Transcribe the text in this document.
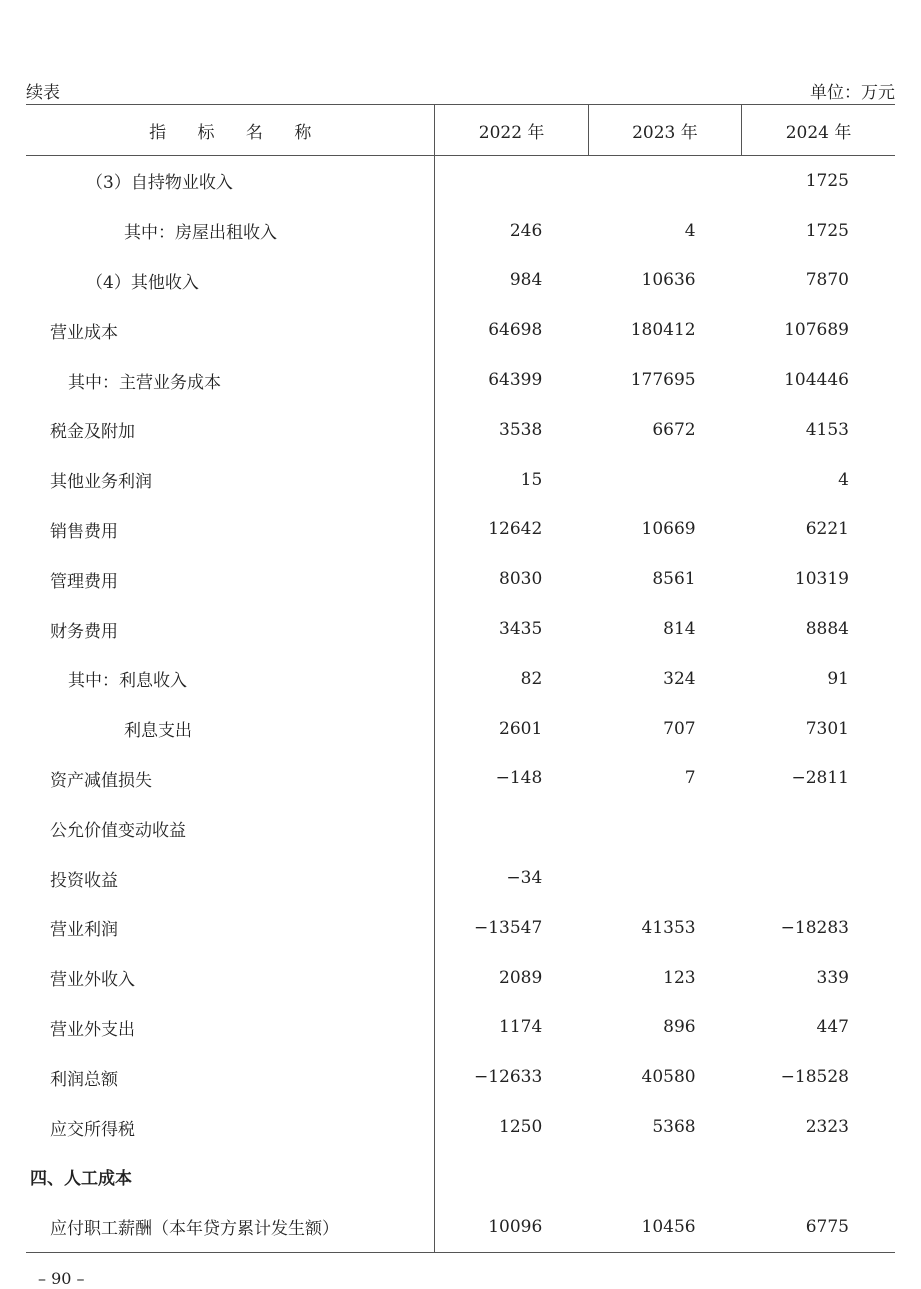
续表	单位：万元
指 标 名 称	2022 年	2023 年	2024 年
（3）自持物业收入			1725
其中：房屋出租收入	246	4	1725
（4）其他收入	984	10636	7870
营业成本	64698	180412	107689
其中：主营业务成本	64399	177695	104446
税金及附加	3538	6672	4153
其他业务利润	15		4
销售费用	12642	10669	6221
管理费用	8030	8561	10319
财务费用	3435	814	8884
其中：利息收入	82	324	91
利息支出	2601	707	7301
资产减值损失	−148	7	−2811
公允价值变动收益			
投资收益	−34		
营业利润	−13547	41353	−18283
营业外收入	2089	123	339
营业外支出	1174	896	447
利润总额	−12633	40580	−18528
应交所得税	1250	5368	2323
四、人工成本			
应付职工薪酬（本年贷方累计发生额）	10096	10456	6775
– 90 –
